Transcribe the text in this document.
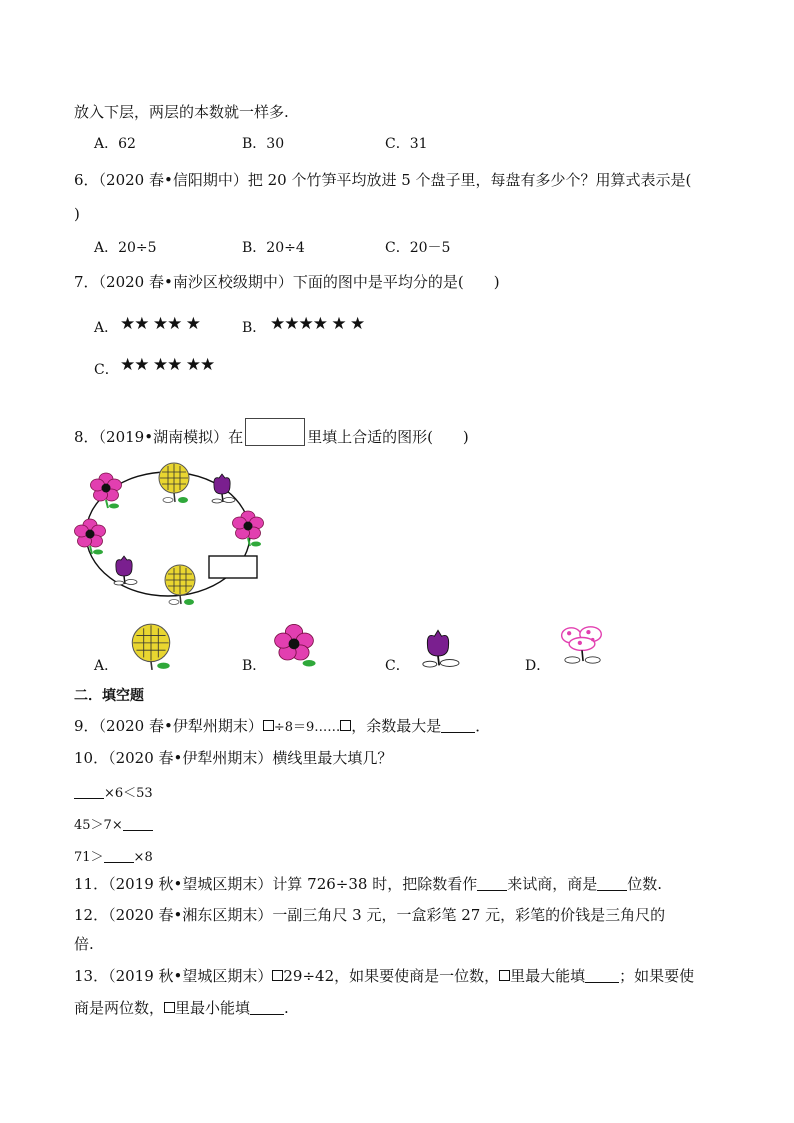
放入下层，两层的本数就一样多.
A．62	B．30	C．31
6．（2020 春•信阳期中）把 20 个竹笋平均放进 5 个盘子里，每盘有多少个？用算式表示是(
)
A．20÷5	B．20÷4	C．20－5
7．（2020 春•南沙区校级期中）下面的图中是平均分的是(　　)
A． ★★ ★★ ★	B． ★★★★ ★ ★
C． ★★ ★★ ★★
8．（2019•湖南模拟）在	里填上合适的图形(　　)
A．	B．	C．	D．
二．填空题
9．（2020 春•伊犁州期末） ÷8＝9…… ，余数最大是 ．
10．（2020 春•伊犁州期末）横线里最大填几？
×6＜53
45＞7×
71＞ ×8
11．（2019 秋•望城区期末）计算 726÷38 时，把除数看作 来试商，商是 位数.
12．（2020 春•湘东区期末）一副三角尺 3 元，一盒彩笔 27 元，彩笔的价钱是三角尺的
倍.
13．（2019 秋•望城区期末） 29÷42，如果要使商是一位数， 里最大能填 ；如果要使
商是两位数， 里最小能填 .
